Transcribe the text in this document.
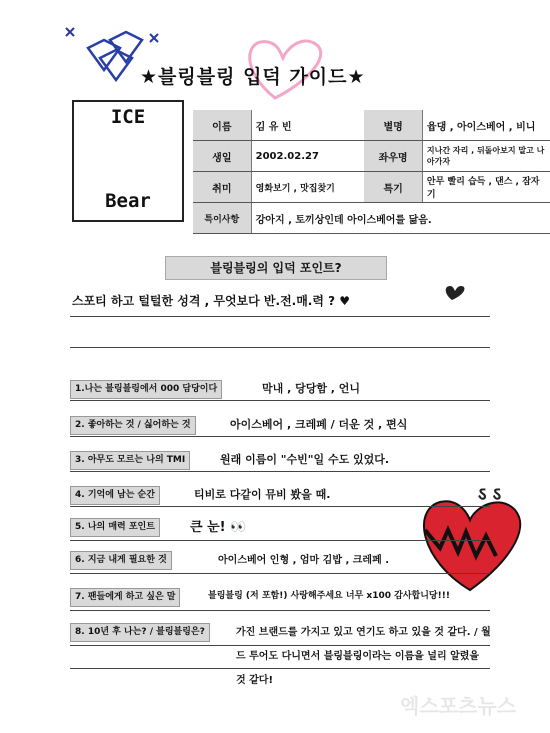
ऽ ऽ
★블링블링 입덕 가이드★
ICE
Bear
이름	김 유 빈	별명	윱댕 , 아이스베어 , 비니
생일	2002.02.27	좌우명	지나간 자리 , 뒤돌아보지 말고 나아가자
취미	영화보기 , 맛집찾기	특기	안무 빨리 습득 , 댄스 , 잠자기
특이사항	강아지 , 토끼상인데 아이스베어를 닮음.		
블링블링의 입덕 포인트?
스포티 하고 털털한 성격 , 무엇보다 반.전.매.력 ? ♥
1.나는 블링블링에서 000 담당이다	막내 , 당당함 , 언니
2. 좋아하는 것 / 싫어하는 것	아이스베어 , 크레페 / 더운 것 , 편식
3. 아무도 모르는 나의 TMI	원래 이름이 "수빈"일 수도 있었다.
4. 기억에 남는 순간	티비로 다같이 뮤비 봤을 때.
5. 나의 매력 포인트	큰 눈! 👀
6. 지금 내게 필요한 것	아이스베어 인형 , 엄마 김밥 , 크레페 .
7. 팬들에게 하고 싶은 말	블링블링 (저 포함!) 사랑해주세요 너무 x100 감사합니당!!!
8. 10년 후 나는? / 블링블링은?	가진 브랜드를 가지고 있고 연기도 하고 있을 것 같다. / 월드 투어도 다니면서 블링블링이라는 이름을 널리 알렸을 것 같다!
엑스포츠뉴스
